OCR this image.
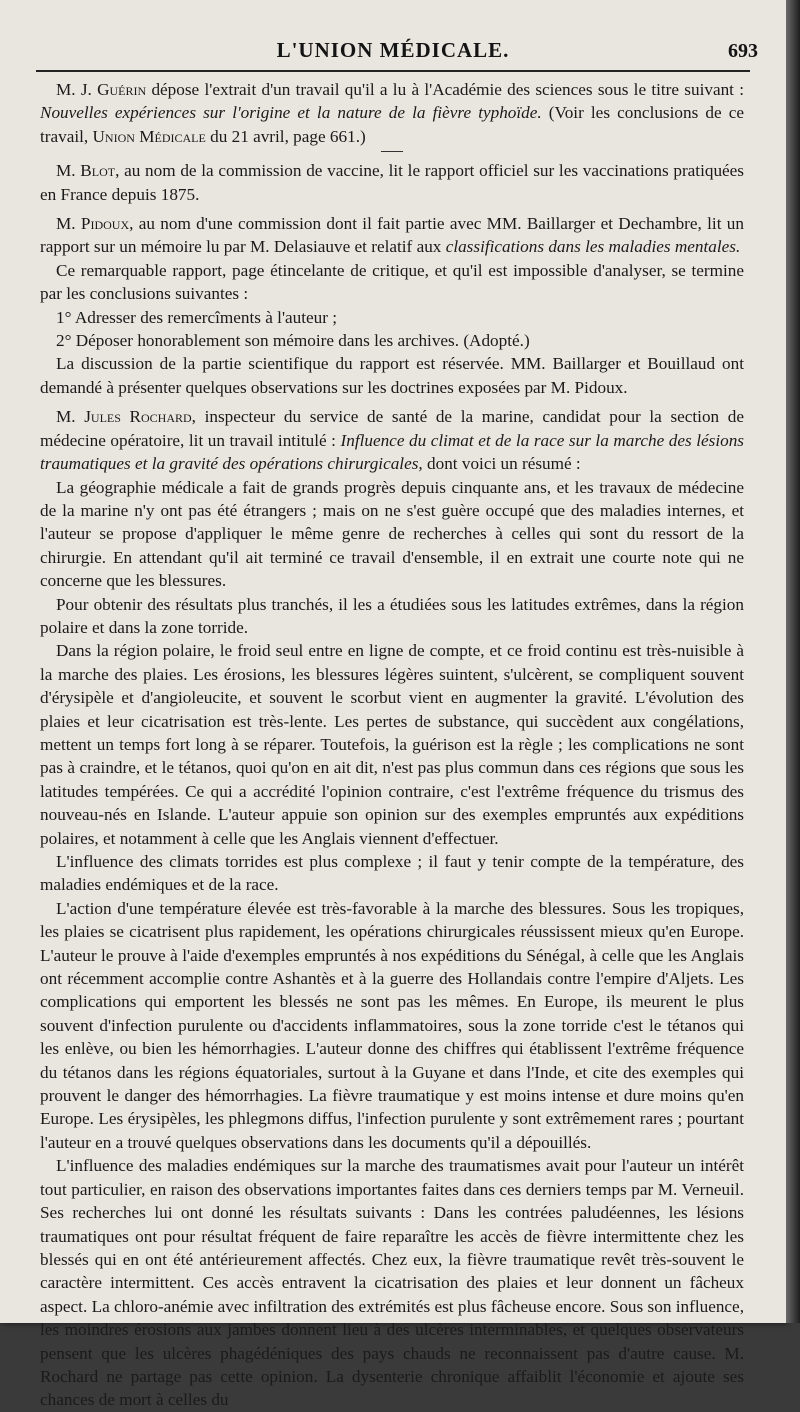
L'UNION MÉDICALE.	693

M. J. Guérin dépose l'extrait d'un travail qu'il a lu à l'Académie des sciences sous le titre suivant : Nouvelles expériences sur l'origine et la nature de la fièvre typhoïde. (Voir les conclusions de ce travail, Union Médicale du 21 avril, page 661.)

M. Blot, au nom de la commission de vaccine, lit le rapport officiel sur les vaccinations pratiquées en France depuis 1875.

M. Pidoux, au nom d'une commission dont il fait partie avec MM. Baillarger et Dechambre, lit un rapport sur un mémoire lu par M. Delasiauve et relatif aux classifications dans les maladies mentales.

Ce remarquable rapport, page étincelante de critique, et qu'il est impossible d'analyser, se termine par les conclusions suivantes :

1° Adresser des remercîments à l'auteur ;

2° Déposer honorablement son mémoire dans les archives. (Adopté.)

La discussion de la partie scientifique du rapport est réservée. MM. Baillarger et Bouillaud ont demandé à présenter quelques observations sur les doctrines exposées par M. Pidoux.

M. Jules Rochard, inspecteur du service de santé de la marine, candidat pour la section de médecine opératoire, lit un travail intitulé : Influence du climat et de la race sur la marche des lésions traumatiques et la gravité des opérations chirurgicales, dont voici un résumé :

La géographie médicale a fait de grands progrès depuis cinquante ans, et les travaux de médecine de la marine n'y ont pas été étrangers ; mais on ne s'est guère occupé que des maladies internes, et l'auteur se propose d'appliquer le même genre de recherches à celles qui sont du ressort de la chirurgie. En attendant qu'il ait terminé ce travail d'ensemble, il en extrait une courte note qui ne concerne que les blessures.

Pour obtenir des résultats plus tranchés, il les a étudiées sous les latitudes extrêmes, dans la région polaire et dans la zone torride.

Dans la région polaire, le froid seul entre en ligne de compte, et ce froid continu est très-nuisible à la marche des plaies. Les érosions, les blessures légères suintent, s'ulcèrent, se compliquent souvent d'érysipèle et d'angioleucite, et souvent le scorbut vient en augmenter la gravité. L'évolution des plaies et leur cicatrisation est très-lente. Les pertes de substance, qui succèdent aux congélations, mettent un temps fort long à se réparer. Toutefois, la guérison est la règle ; les complications ne sont pas à craindre, et le tétanos, quoi qu'on en ait dit, n'est pas plus commun dans ces régions que sous les latitudes tempérées. Ce qui a accrédité l'opinion contraire, c'est l'extrême fréquence du trismus des nouveau-nés en Islande. L'auteur appuie son opinion sur des exemples empruntés aux expéditions polaires, et notamment à celle que les Anglais viennent d'effectuer.

L'influence des climats torrides est plus complexe ; il faut y tenir compte de la température, des maladies endémiques et de la race.

L'action d'une température élevée est très-favorable à la marche des blessures. Sous les tropiques, les plaies se cicatrisent plus rapidement, les opérations chirurgicales réussissent mieux qu'en Europe. L'auteur le prouve à l'aide d'exemples empruntés à nos expéditions du Sénégal, à celle que les Anglais ont récemment accomplie contre Ashantès et à la guerre des Hollandais contre l'empire d'Aljets. Les complications qui emportent les blessés ne sont pas les mêmes. En Europe, ils meurent le plus souvent d'infection purulente ou d'accidents inflammatoires, sous la zone torride c'est le tétanos qui les enlève, ou bien les hémorrhagies. L'auteur donne des chiffres qui établissent l'extrême fréquence du tétanos dans les régions équatoriales, surtout à la Guyane et dans l'Inde, et cite des exemples qui prouvent le danger des hémorrhagies. La fièvre traumatique y est moins intense et dure moins qu'en Europe. Les érysipèles, les phlegmons diffus, l'infection purulente y sont extrêmement rares ; pourtant l'auteur en a trouvé quelques observations dans les documents qu'il a dépouillés.

L'influence des maladies endémiques sur la marche des traumatismes avait pour l'auteur un intérêt tout particulier, en raison des observations importantes faites dans ces derniers temps par M. Verneuil. Ses recherches lui ont donné les résultats suivants : Dans les contrées paludéennes, les lésions traumatiques ont pour résultat fréquent de faire reparaître les accès de fièvre intermittente chez les blessés qui en ont été antérieurement affectés. Chez eux, la fièvre traumatique revêt très-souvent le caractère intermittent. Ces accès entravent la cicatrisation des plaies et leur donnent un fâcheux aspect. La chloro-anémie avec infiltration des extrémités est plus fâcheuse encore. Sous son influence, les moindres érosions aux jambes donnent lieu à des ulcères interminables, et quelques observateurs pensent que les ulcères phagédéniques des pays chauds ne reconnaissent pas d'autre cause. M. Rochard ne partage pas cette opinion. La dysenterie chronique affaiblit l'économie et ajoute ses chances de mort à celles du
